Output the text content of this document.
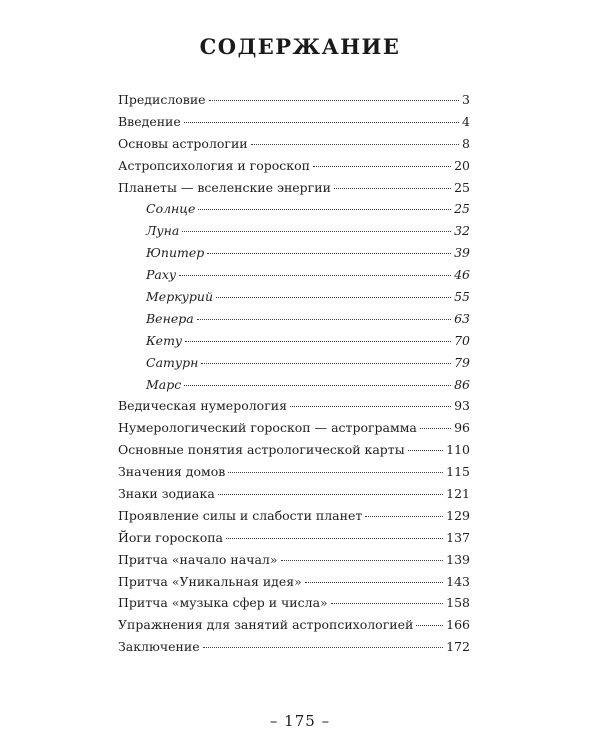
СОДЕРЖАНИЕ
Предисловие	3
Введение	4
Основы астрологии	8
Астропсихология и гороскоп	20
Планеты — вселенские энергии	25
Солнце	25
Луна	32
Юпитер	39
Раху	46
Меркурий	55
Венера	63
Кету	70
Сатурн	79
Марс	86
Ведическая нумерология	93
Нумерологический гороскоп — астрограмма	96
Основные понятия астрологической карты	110
Значения домов	115
Знаки зодиака	121
Проявление силы и слабости планет	129
Йоги гороскопа	137
Притча «начало начал»	139
Притча «Уникальная идея»	143
Притча «музыка сфер и числа»	158
Упражнения для занятий астропсихологией	166
Заключение	172
– 175 –
